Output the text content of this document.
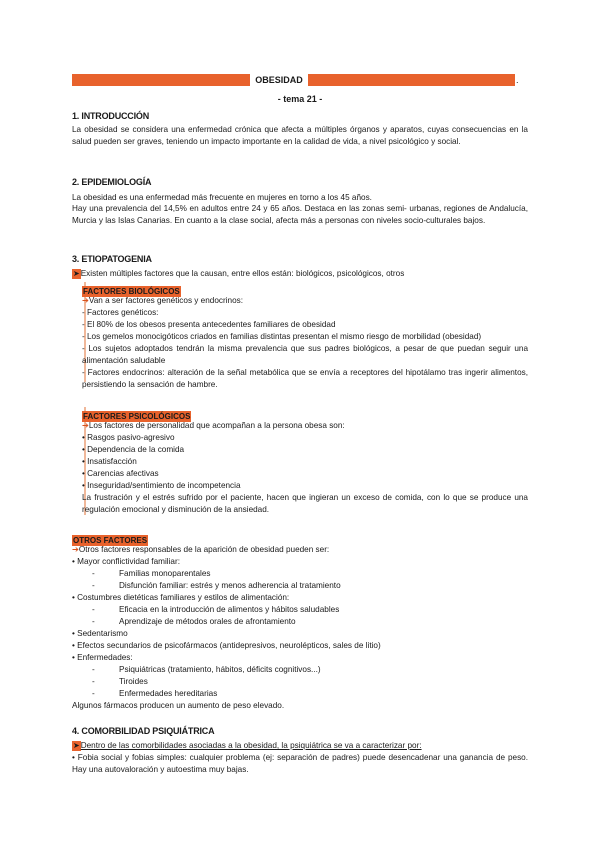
OBESIDAD	.
- tema 21 -
1. INTRODUCCIÓN

La obesidad se considera una enfermedad crónica que afecta a múltiples órganos y aparatos, cuyas consecuencias en la salud pueden ser graves, teniendo un impacto importante en la calidad de vida, a nivel psicológico y social.

2. EPIDEMIOLOGÍA
La obesidad es una enfermedad más frecuente en mujeres en torno a los 45 años.

Hay una prevalencia del 14,5% en adultos entre 24 y 65 años. Destaca en las zonas semi- urbanas, regiones de Andalucía, Murcia y las Islas Canarias. En cuanto a la clase social, afecta más a personas con niveles socio-culturales bajos.

3. ETIOPATOGENIA
➤Existen múltiples factores que la causan, entre ellos están: biológicos, psicológicos, otros
FACTORES BIOLÓGICOS
➔Van a ser factores genéticos y endocrinos:
- Factores genéticos:
- El 80% de los obesos presenta antecedentes familiares de obesidad
- Los gemelos monocigóticos criados en familias distintas presentan el mismo riesgo de morbilidad (obesidad)

- Los sujetos adoptados tendrán la misma prevalencia que sus padres biológicos, a pesar de que puedan seguir una alimentación saludable

- Factores endocrinos: alteración de la señal metabólica que se envía a receptores del hipotálamo tras ingerir alimentos, persistiendo la sensación de hambre.

FACTORES PSICOLÓGICOS
➔Los factores de personalidad que acompañan a la persona obesa son:
• Rasgos pasivo-agresivo
• Dependencia de la comida
• Insatisfacción
• Carencias afectivas
• Inseguridad/sentimiento de incompetencia

La frustración y el estrés sufrido por el paciente, hacen que ingieran un exceso de comida, con lo que se produce una regulación emocional y disminución de la ansiedad.

OTROS FACTORES
➔Otros factores responsables de la aparición de obesidad pueden ser:
• Mayor conflictividad familiar:
-	Familias monoparentales
-	Disfunción familiar: estrés y menos adherencia al tratamiento
• Costumbres dietéticas familiares y estilos de alimentación:
-	Eficacia en la introducción de alimentos y hábitos saludables
-	Aprendizaje de métodos orales de afrontamiento
• Sedentarismo
• Efectos secundarios de psicofármacos (antidepresivos, neurolépticos, sales de litio)
• Enfermedades:
-	Psiquiátricas (tratamiento, hábitos, déficits cognitivos...)
-	Tiroides
-	Enfermedades hereditarias
Algunos fármacos producen un aumento de peso elevado.
4. COMORBILIDAD PSIQUIÁTRICA
➤Dentro de las comorbilidades asociadas a la obesidad, la psiquiátrica se va a caracterizar por:

• Fobia social y fobias simples: cualquier problema (ej: separación de padres) puede desencadenar una ganancia de peso. Hay una autovaloración y autoestima muy bajas.
